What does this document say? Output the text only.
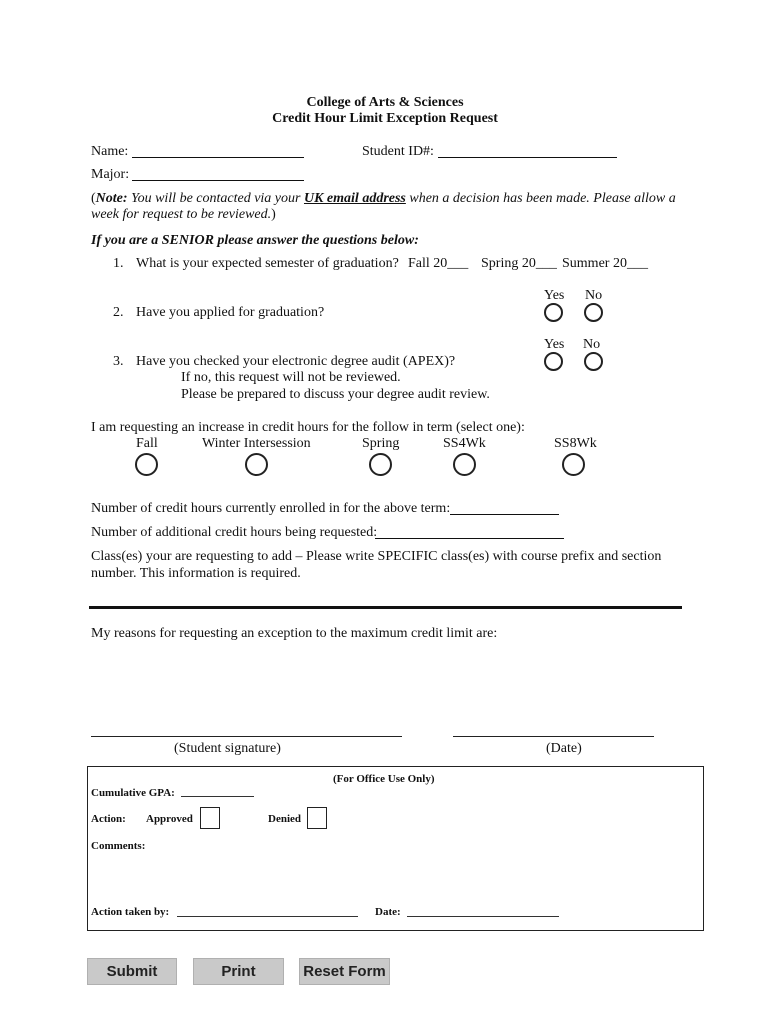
College of Arts & Sciences
Credit Hour Limit Exception Request
Name:	Student ID#:
Major:
(Note: You will be contacted via your UK email address when a decision has been made. Please allow a
week for request to be reviewed.)
If you are a SENIOR please answer the questions below:
1. What is your expected semester of graduation? Fall 20___ Spring 20___ Summer 20___
Yes No
2. Have you applied for graduation?
Yes No
3. Have you checked your electronic degree audit (APEX)?
If no, this request will not be reviewed.
Please be prepared to discuss your degree audit review.
I am requesting an increase in credit hours for the follow in term (select one):
Fall	Winter Intersession	Spring	SS4Wk	SS8Wk
Number of credit hours currently enrolled in for the above term:
Number of additional credit hours being requested:
Class(es) your are requesting to add – Please write SPECIFIC class(es) with course prefix and section
number. This information is required.
My reasons for requesting an exception to the maximum credit limit are:
(Student signature)	(Date)
(For Office Use Only)
Cumulative GPA:
Action: Approved	Denied
Comments:
Action taken by:	Date:
Submit	Print	Reset Form
